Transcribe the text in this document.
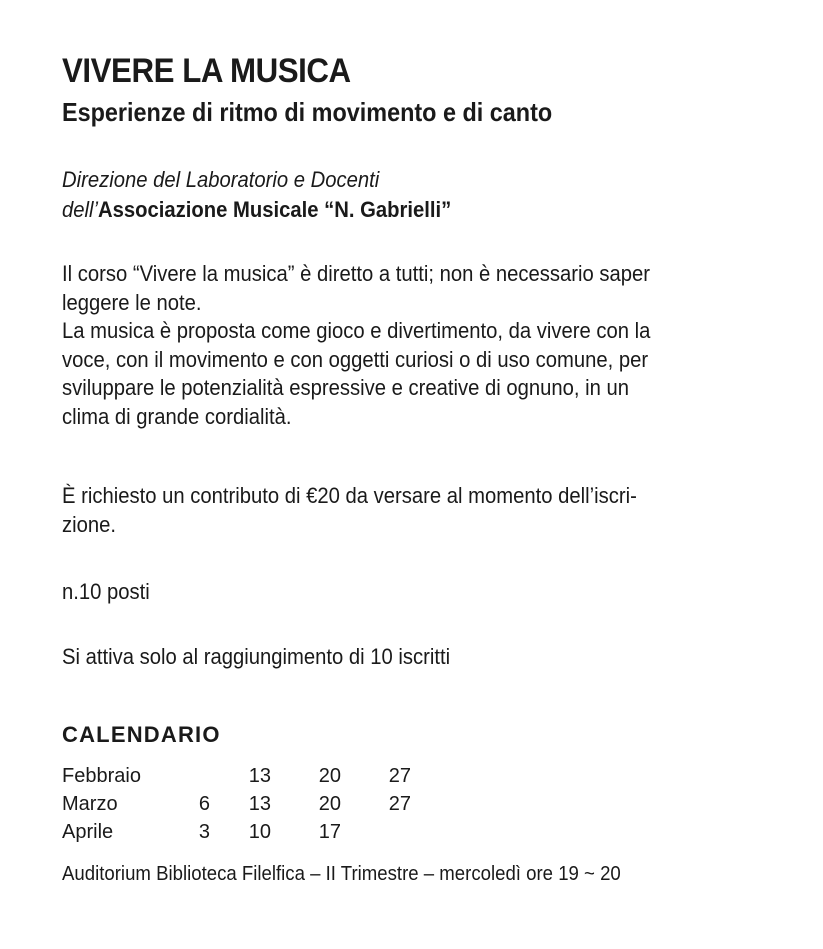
VIVERE LA MUSICA
Esperienze di ritmo di movimento e di canto
Direzione del Laboratorio e Docenti
dell’Associazione Musicale “N. Gabrielli”
Il corso “Vivere la musica” è diretto a tutti; non è necessario saper
leggere le note.
La musica è proposta come gioco e divertimento, da vivere con la
voce, con il movimento e con oggetti curiosi o di uso comune, per
sviluppare le potenzialità espressive e creative di ognuno, in un
clima di grande cordialità.
È richiesto un contributo di €20 da versare al momento dell’iscri-
zione.
n.10 posti
Si attiva solo al raggiungimento di 10 iscritti
CALENDARIO
Febbraio		13	20	27
Marzo	6	13	20	27
Aprile	3	10	17	
Auditorium Biblioteca Filelfica – II Trimestre – mercoledì ore 19 ~ 20
